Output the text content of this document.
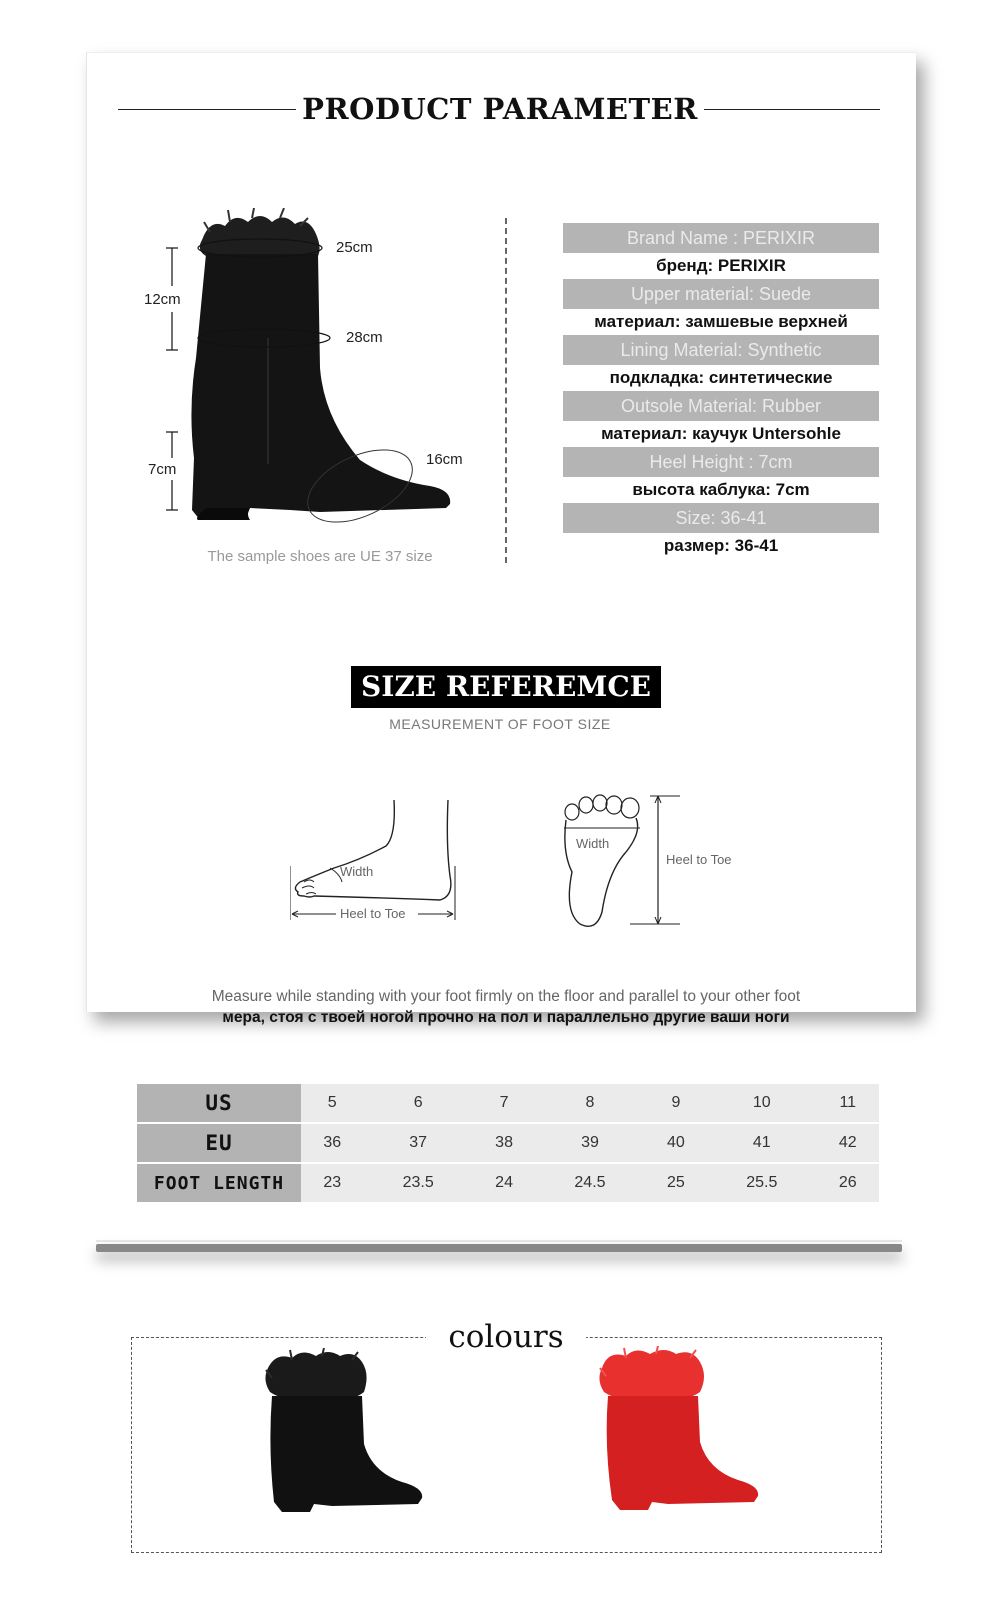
PRODUCT PARAMETER
12cm
25cm
28cm
7cm
16cm
The sample shoes are UE 37 size
Brand Name : PERIXIR
бренд: PERIXIR
Upper material: Suede
материал: замшевые верхней
Lining Material: Synthetic
подкладка: синтетические
Outsole Material: Rubber
материал: каучук Untersohle
Heel Height : 7cm
высота каблука: 7cm
Size: 36-41
размер: 36-41
SIZE REFEREMCE
MEASUREMENT OF FOOT SIZE
Width
Heel to Toe
Width
Heel to Toe
Measure while standing with your foot firmly on the floor and parallel to your other foot
мера, стоя с твоей ногой прочно на пол и параллельно другие ваши ноги
US	5	6	7	8	9	10	11
EU	36	37	38	39	40	41	42
FOOT LENGTH	23	23.5	24	24.5	25	25.5	26
colours
